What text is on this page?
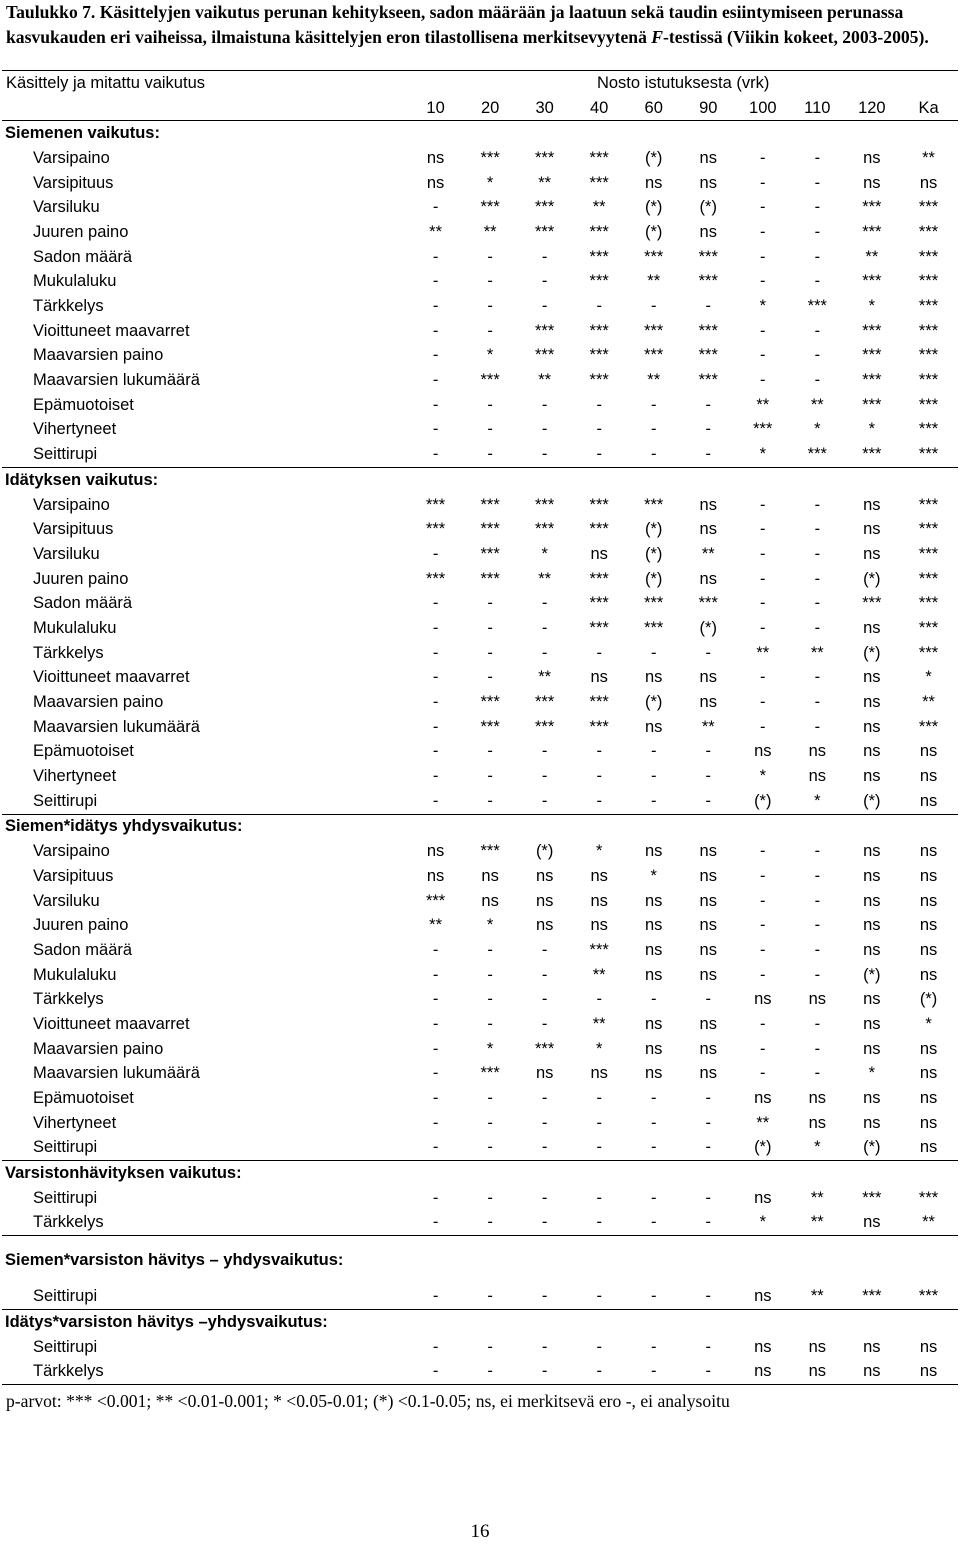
Taulukko 7. Käsittelyjen vaikutus perunan kehitykseen, sadon määrään ja laatuun sekä taudin esiintymiseen perunassa kasvukauden eri vaiheissa, ilmaistuna käsittelyjen eron tilastollisena merkitsevyytenä F-testissä (Viikin kokeet, 2003-2005).

Käsittely ja mitattu vaikutus	Nosto istutuksesta (vrk)									
	10	20	30	40	60	90	100	110	120	Ka
Siemenen vaikutus:										
Varsipaino	ns	***	***	***	(*)	ns	-	-	ns	**
Varsipituus	ns	*	**	***	ns	ns	-	-	ns	ns
Varsiluku	-	***	***	**	(*)	(*)	-	-	***	***
Juuren paino	**	**	***	***	(*)	ns	-	-	***	***
Sadon määrä	-	-	-	***	***	***	-	-	**	***
Mukulaluku	-	-	-	***	**	***	-	-	***	***
Tärkkelys	-	-	-	-	-	-	*	***	*	***
Vioittuneet maavarret	-	-	***	***	***	***	-	-	***	***
Maavarsien paino	-	*	***	***	***	***	-	-	***	***
Maavarsien lukumäärä	-	***	**	***	**	***	-	-	***	***
Epämuotoiset	-	-	-	-	-	-	**	**	***	***
Vihertyneet	-	-	-	-	-	-	***	*	*	***
Seittirupi	-	-	-	-	-	-	*	***	***	***
Idätyksen vaikutus:										
Varsipaino	***	***	***	***	***	ns	-	-	ns	***
Varsipituus	***	***	***	***	(*)	ns	-	-	ns	***
Varsiluku	-	***	*	ns	(*)	**	-	-	ns	***
Juuren paino	***	***	**	***	(*)	ns	-	-	(*)	***
Sadon määrä	-	-	-	***	***	***	-	-	***	***
Mukulaluku	-	-	-	***	***	(*)	-	-	ns	***
Tärkkelys	-	-	-	-	-	-	**	**	(*)	***
Vioittuneet maavarret	-	-	**	ns	ns	ns	-	-	ns	*
Maavarsien paino	-	***	***	***	(*)	ns	-	-	ns	**
Maavarsien lukumäärä	-	***	***	***	ns	**	-	-	ns	***
Epämuotoiset	-	-	-	-	-	-	ns	ns	ns	ns
Vihertyneet	-	-	-	-	-	-	*	ns	ns	ns
Seittirupi	-	-	-	-	-	-	(*)	*	(*)	ns
Siemen*idätys yhdysvaikutus:										
Varsipaino	ns	***	(*)	*	ns	ns	-	-	ns	ns
Varsipituus	ns	ns	ns	ns	*	ns	-	-	ns	ns
Varsiluku	***	ns	ns	ns	ns	ns	-	-	ns	ns
Juuren paino	**	*	ns	ns	ns	ns	-	-	ns	ns
Sadon määrä	-	-	-	***	ns	ns	-	-	ns	ns
Mukulaluku	-	-	-	**	ns	ns	-	-	(*)	ns
Tärkkelys	-	-	-	-	-	-	ns	ns	ns	(*)
Vioittuneet maavarret	-	-	-	**	ns	ns	-	-	ns	*
Maavarsien paino	-	*	***	*	ns	ns	-	-	ns	ns
Maavarsien lukumäärä	-	***	ns	ns	ns	ns	-	-	*	ns
Epämuotoiset	-	-	-	-	-	-	ns	ns	ns	ns
Vihertyneet	-	-	-	-	-	-	**	ns	ns	ns
Seittirupi	-	-	-	-	-	-	(*)	*	(*)	ns
Varsistonhävityksen vaikutus:										
Seittirupi	-	-	-	-	-	-	ns	**	***	***
Tärkkelys	-	-	-	-	-	-	*	**	ns	**
Siemen*varsiston hävitys – yhdysvaikutus:										
Seittirupi	-	-	-	-	-	-	ns	**	***	***
Idätys*varsiston hävitys –yhdysvaikutus:										
Seittirupi	-	-	-	-	-	-	ns	ns	ns	ns
Tärkkelys	-	-	-	-	-	-	ns	ns	ns	ns

p-arvot: *** <0.001; ** <0.01-0.001; * <0.05-0.01; (*) <0.1-0.05; ns, ei merkitsevä ero -, ei analysoitu

16
